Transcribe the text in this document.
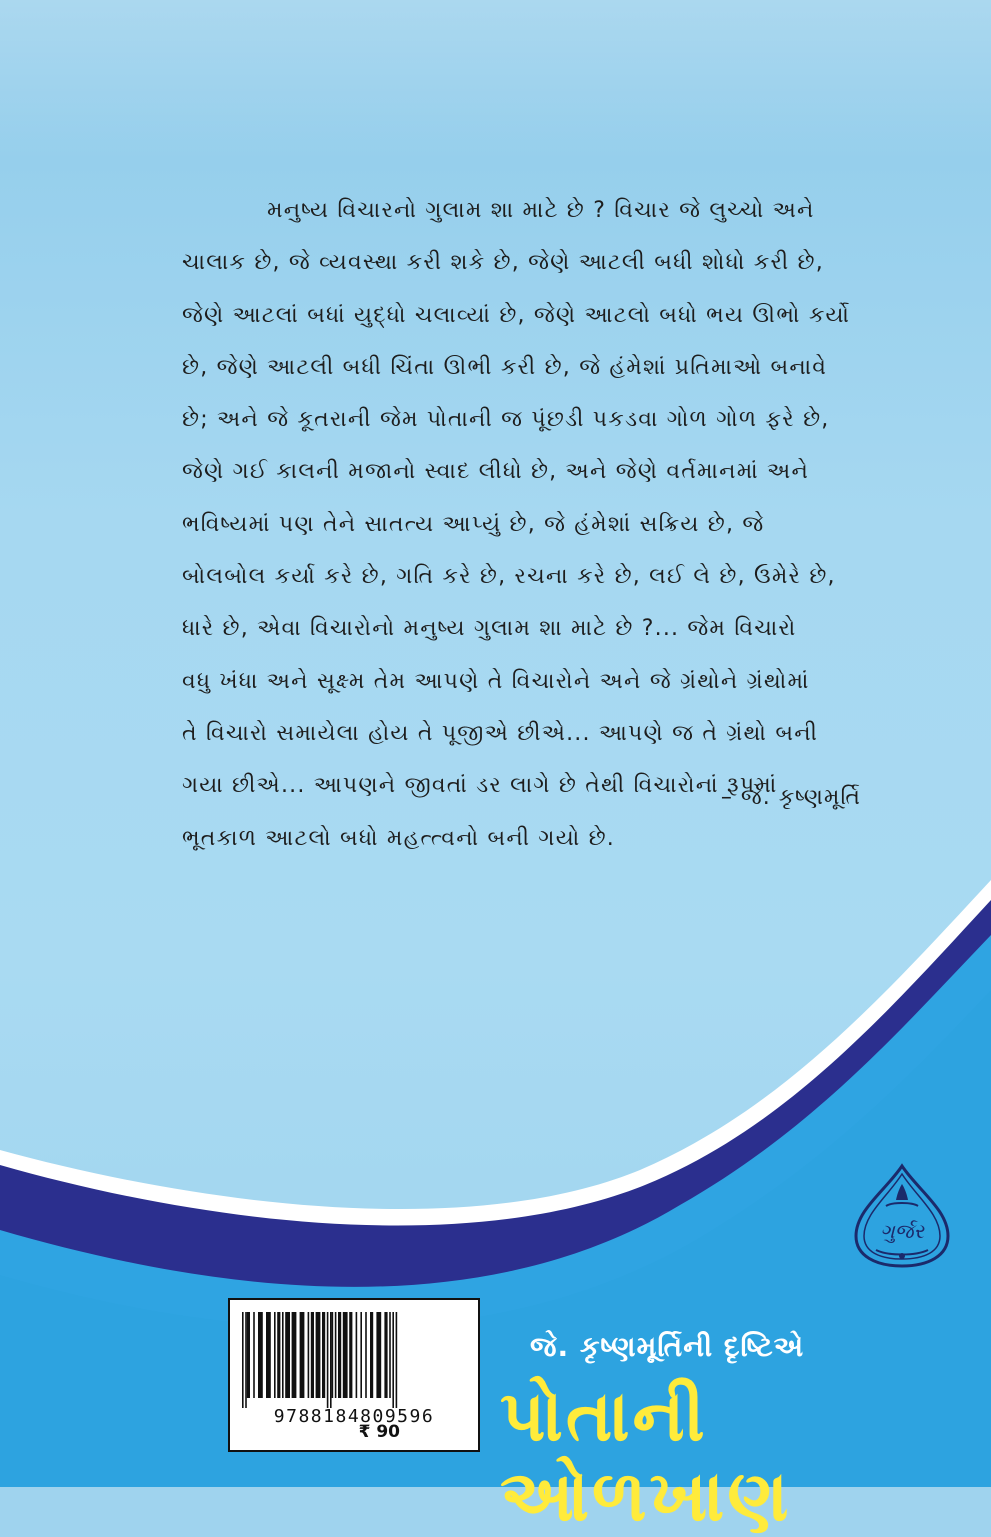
મનુષ્ય વિચારનો ગુલામ શા માટે છે ? વિચાર જે લુચ્ચો અને
ચાલાક છે, જે વ્યવસ્થા કરી શકે છે, જેણે આટલી બધી શોધો કરી છે,
જેણે આટલાં બધાં યુદ્ધો ચલાવ્યાં છે, જેણે આટલો બધો ભય ઊભો કર્યો
છે, જેણે આટલી બધી ચિંતા ઊભી કરી છે, જે હંમેશાં પ્રતિમાઓ બનાવે
છે; અને જે કૂતરાની જેમ પોતાની જ પૂંછડી પકડવા ગોળ ગોળ ફરે છે,
જેણે ગઈ કાલની મજાનો સ્વાદ લીધો છે, અને જેણે વર્તમાનમાં અને
ભવિષ્યમાં પણ તેને સાતત્ય આપ્યું છે, જે હંમેશાં સક્રિય છે, જે
બોલબોલ કર્યા કરે છે, ગતિ કરે છે, રચના કરે છે, લઈ લે છે, ઉમેરે છે,
ધારે છે, એવા વિચારોનો મનુષ્ય ગુલામ શા માટે છે ?... જેમ વિચારો
વધુ ખંધા અને સૂક્ષ્મ તેમ આપણે તે વિચારોને અને જે ગ્રંથોને ગ્રંથોમાં
તે વિચારો સમાયેલા હોય તે પૂજીએ છીએ... આપણે જ તે ગ્રંથો બની
ગયા છીએ... આપણને જીવતાં ડર લાગે છે તેથી વિચારોનાં રૂપમાં
ભૂતકાળ આટલો બધો મહત્ત્વનો બની ગયો છે.
– જે. કૃષ્ણમૂર્તિ
ગુર્જર
9788184809596
₹ 90
જે. કૃષ્ણમૂર્તિની દૃષ્ટિએ
પોતાની ઓળખાણ
